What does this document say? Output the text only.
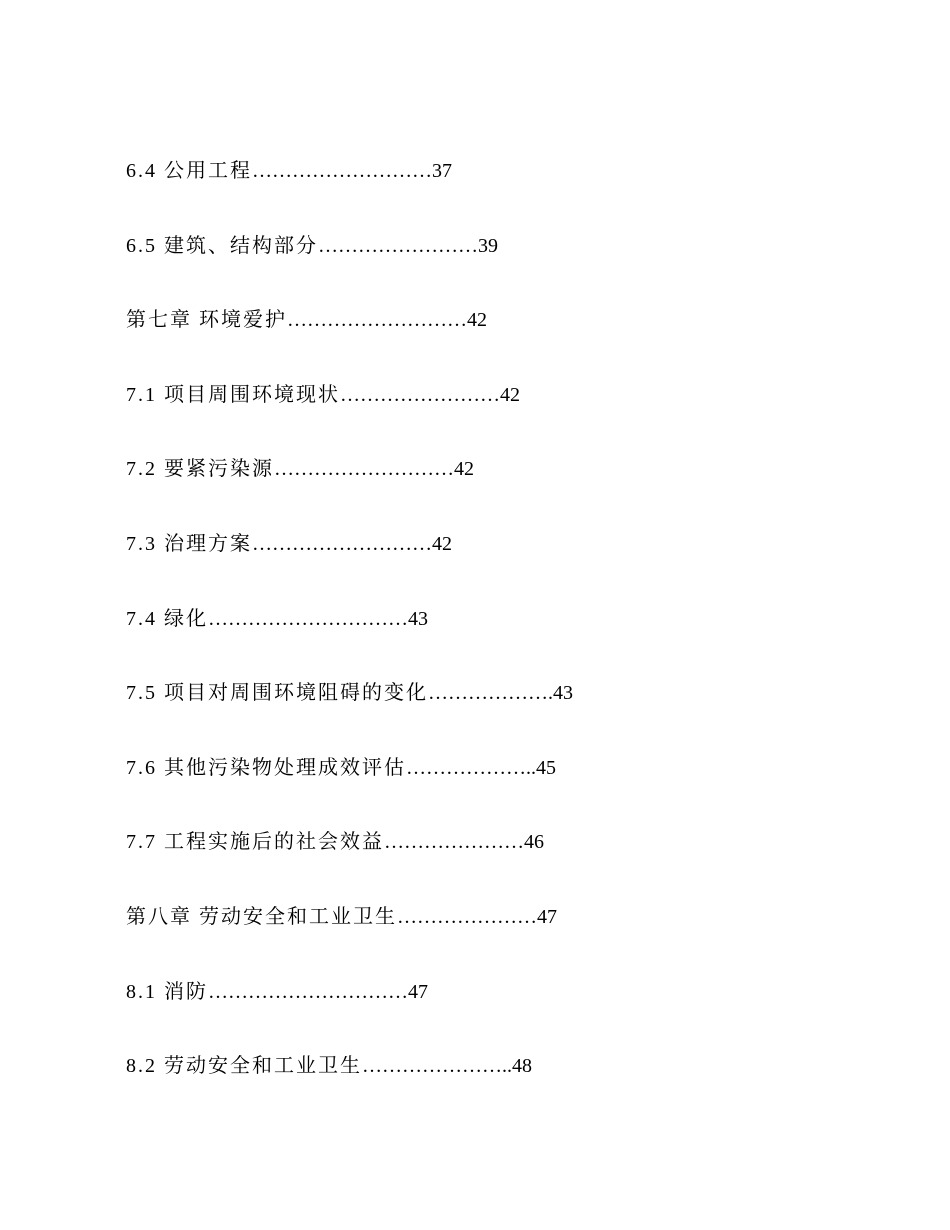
6.4 公用工程………………………37
6.5 建筑、结构部分……………………39
第七章 环境爱护………………………42
7.1 项目周围环境现状……………………42
7.2 要紧污染源………………………42
7.3 治理方案………………………42
7.4 绿化…………………………43
7.5 项目对周围环境阻碍的变化……………….43
7.6 其他污染物处理成效评估………………..45
7.7 工程实施后的社会效益…………………46
第八章 劳动安全和工业卫生…………………47
8.1 消防…………………………47
8.2 劳动安全和工业卫生…………………..48
